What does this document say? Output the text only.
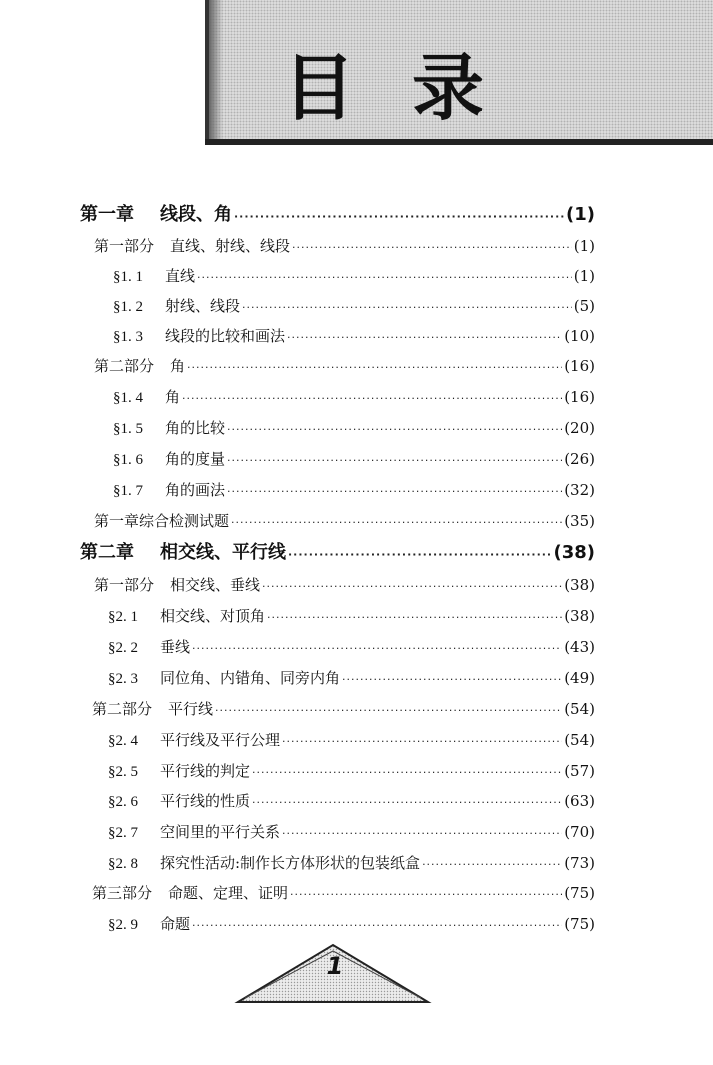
目 录
第一章	线段、角 ·····	(1)
第一部分	直线、射线、线段 ·····	(1)
§1. 1	直线 ·····	(1)
§1. 2	射线、线段 ·····	(5)
§1. 3	线段的比较和画法 ·····	(10)
第二部分	角 ·····	(16)
§1. 4	角 ·····	(16)
§1. 5	角的比较 ·····	(20)
§1. 6	角的度量 ·····	(26)
§1. 7	角的画法 ·····	(32)
第一章综合检测试题 ·····	(35)
第二章	相交线、平行线 ·····	(38)
第一部分	相交线、垂线 ·····	(38)
§2. 1	相交线、对顶角 ·····	(38)
§2. 2	垂线 ·····	(43)
§2. 3	同位角、内错角、同旁内角 ·····	(49)
第二部分	平行线 ·····	(54)
§2. 4	平行线及平行公理 ·····	(54)
§2. 5	平行线的判定 ·····	(57)
§2. 6	平行线的性质 ·····	(63)
§2. 7	空间里的平行关系 ·····	(70)
§2. 8	探究性活动:制作长方体形状的包装纸盒 ·····	(73)
第三部分	命题、定理、证明 ·····	(75)
§2. 9	命题 ·····	(75)
1
